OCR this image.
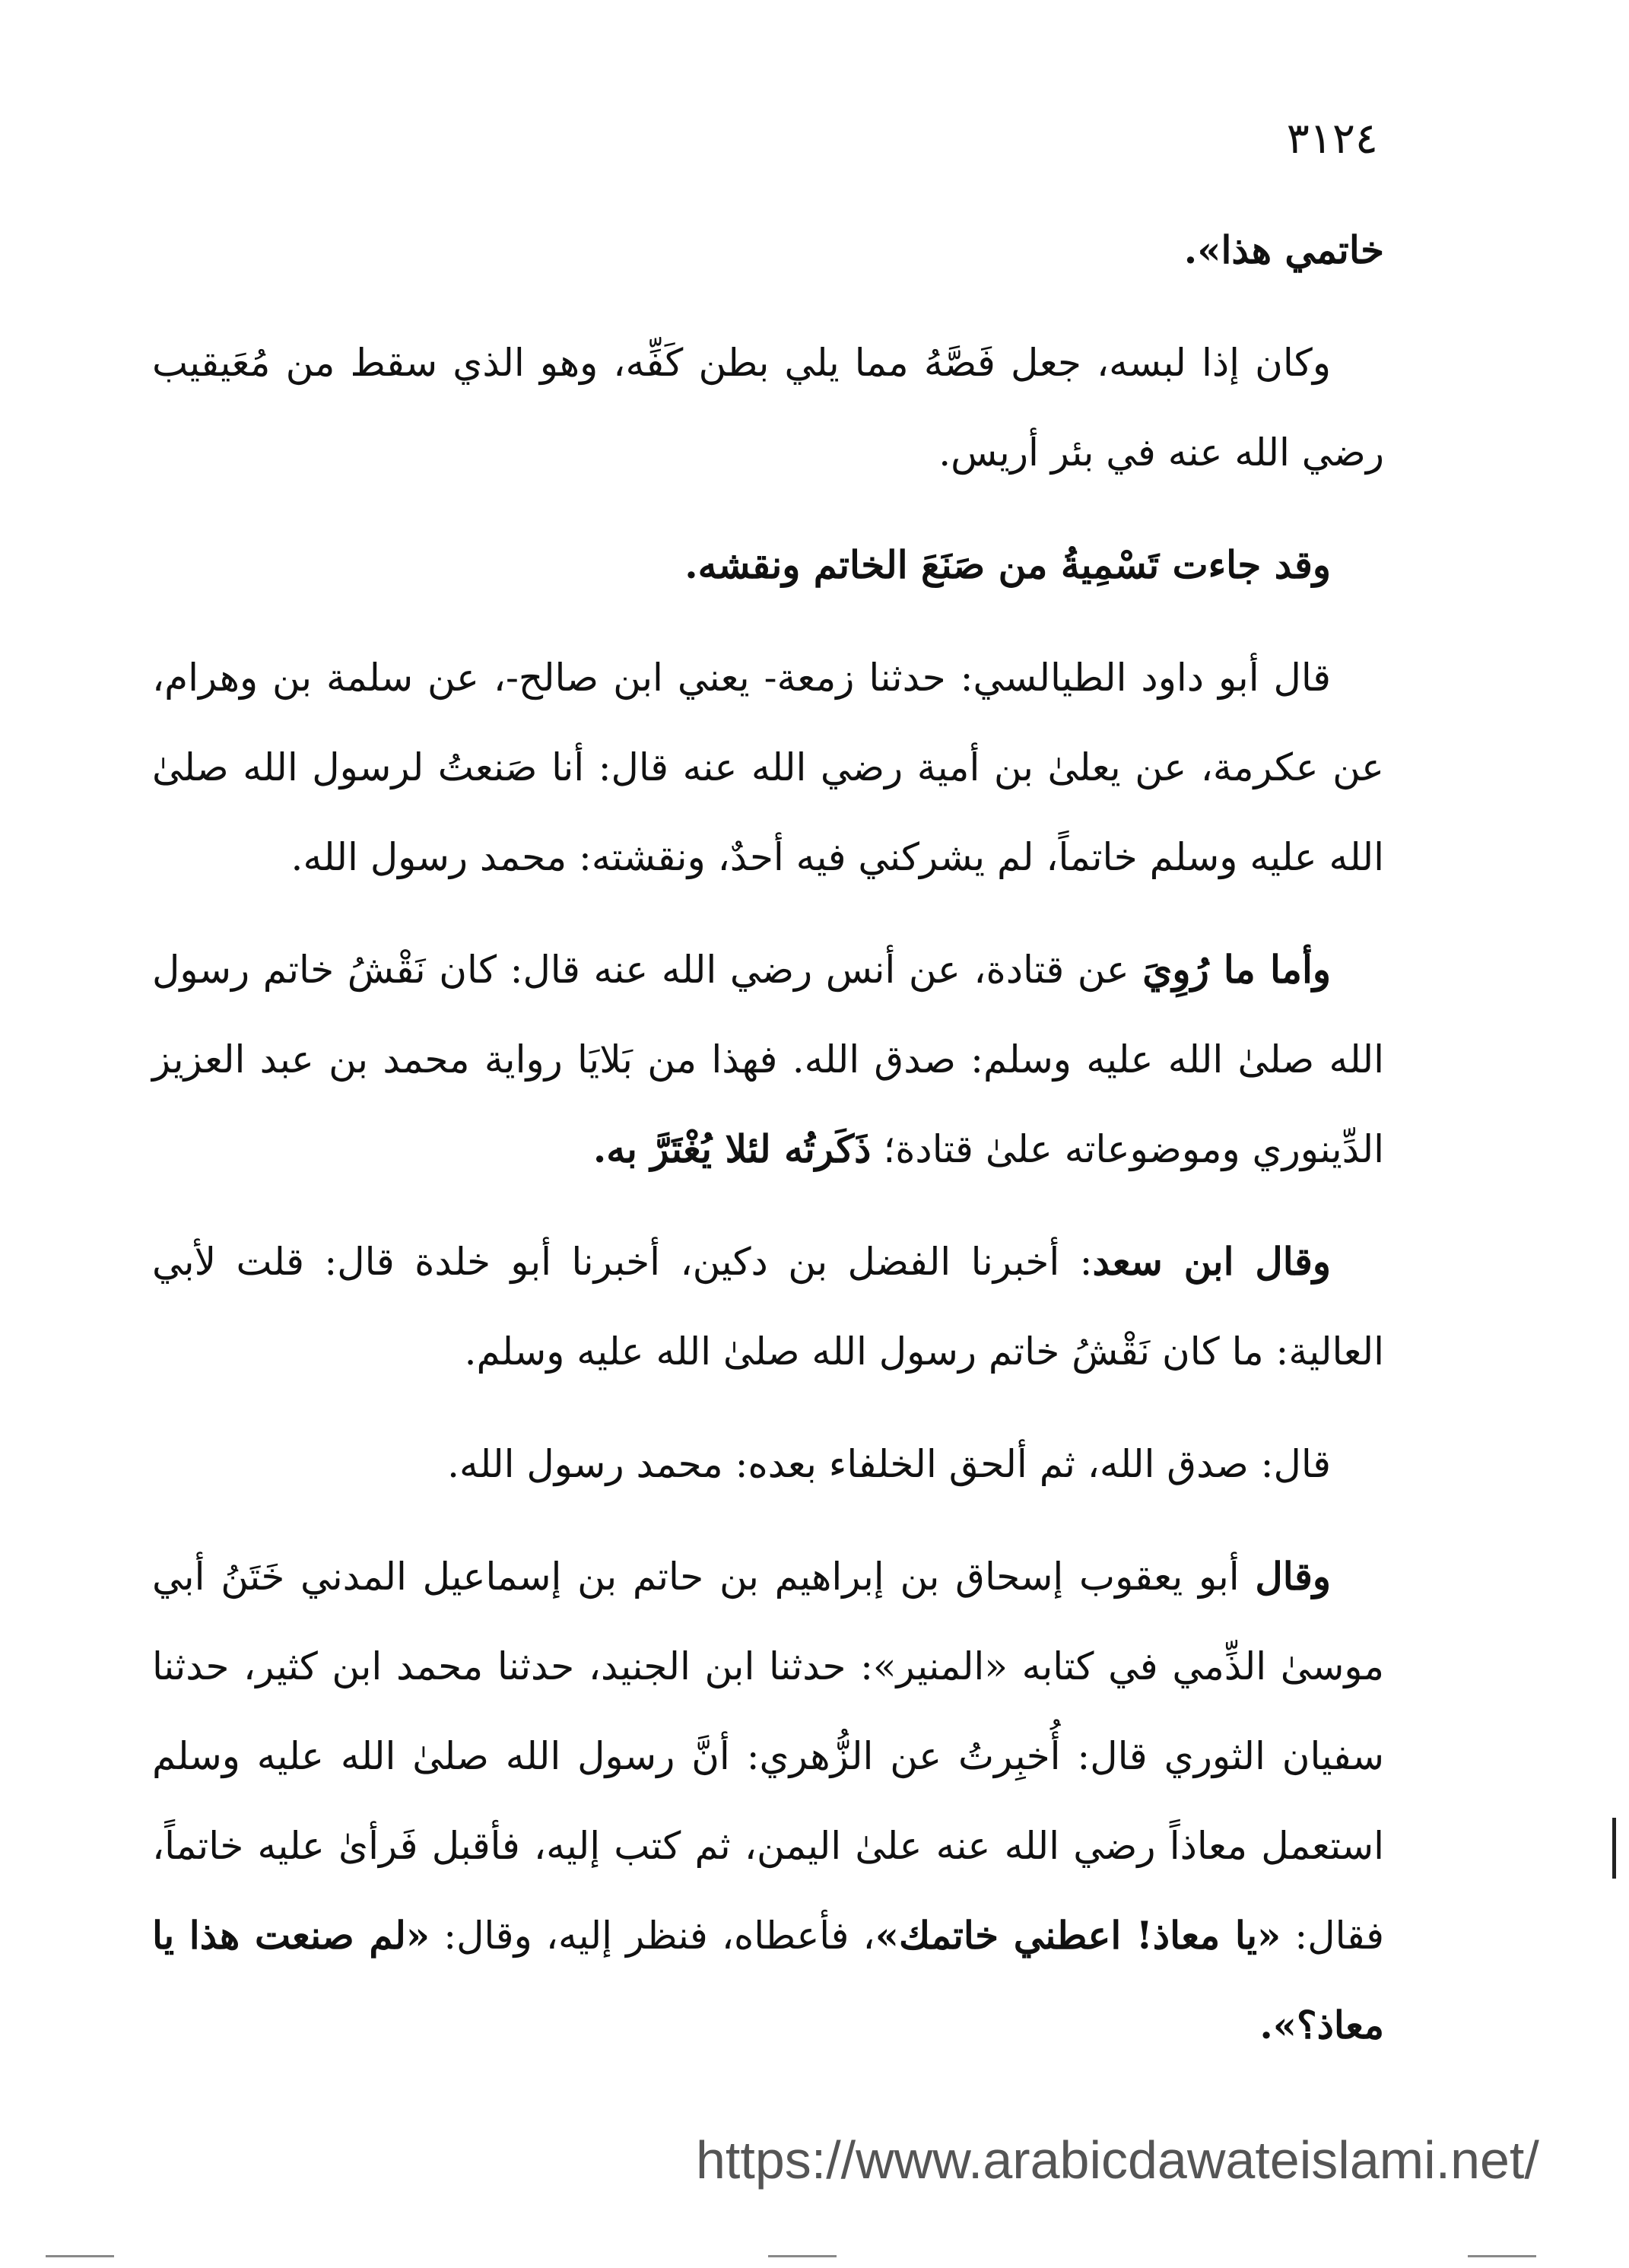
٣١٢٤

خاتمي هذا».

وكان إذا لبسه، جعل فَصَّهُ مما يلي بطن كَفِّه، وهو الذي سقط من مُعَيقيب رضي الله عنه في بئر أريس.

وقد جاءت تَسْمِيةُ من صَنَعَ الخاتم ونقشه.

قال أبو داود الطيالسي: حدثنا زمعة- يعني ابن صالح-، عن سلمة بن وهرام، عن عكرمة، عن يعلىٰ بن أمية رضي الله عنه قال: أنا صَنعتُ لرسول الله صلىٰ الله عليه وسلم خاتماً، لم يشركني فيه أحدٌ، ونقشته: محمد رسول الله.

وأما ما رُوِيَ عن قتادة، عن أنس رضي الله عنه قال: كان نَقْشُ خاتم رسول الله صلىٰ الله عليه وسلم: صدق الله. فهذا من بَلايَا رواية محمد بن عبد العزيز الدِّينوري وموضوعاته علىٰ قتادة؛ ذَكَرتُه لئلا يُغْتَرَّ به.

وقال ابن سعد: أخبرنا الفضل بن دكين، أخبرنا أبو خلدة قال: قلت لأبي العالية: ما كان نَقْشُ خاتم رسول الله صلىٰ الله عليه وسلم.

قال: صدق الله، ثم ألحق الخلفاء بعده: محمد رسول الله.

وقال أبو يعقوب إسحاق بن إبراهيم بن حاتم بن إسماعيل المدني خَتَنُ أبي موسىٰ الذِّمي في كتابه «المنير»: حدثنا ابن الجنيد، حدثنا محمد ابن كثير، حدثنا سفيان الثوري قال: أُخبِرتُ عن الزُّهري: أنَّ رسول الله صلىٰ الله عليه وسلم استعمل معاذاً رضي الله عنه علىٰ اليمن، ثم كتب إليه، فأقبل فَرأىٰ عليه خاتماً، فقال: «يا معاذ! اعطني خاتمك»، فأعطاه، فنظر إليه، وقال: «لم صنعت هذا يا معاذ؟».

https://www.arabicdawateislami.net/
